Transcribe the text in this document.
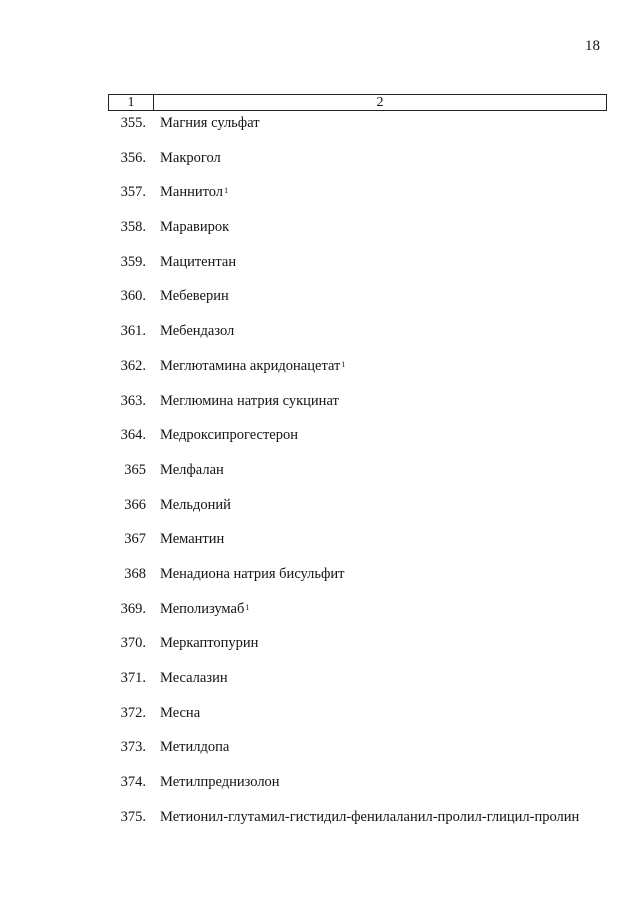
18
1	2
355. Магния сульфат
356. Макрогол
357. Маннитол$^1$
358. Маравирок
359. Мацитентан
360. Мебеверин
361. Мебендазол
362. Меглютамина акридонацетат$^1$
363. Меглюмина натрия сукцинат
364. Медроксипрогестерон
365 Мелфалан
366 Мельдоний
367 Мемантин
368 Менадиона натрия бисульфит
369. Меполизумаб$^1$
370. Меркаптопурин
371. Месалазин
372. Месна
373. Метилдопа
374. Метилпреднизолон
375. Метионил-глутамил-гистидил-фенилаланил-пролил-глицил-пролин
